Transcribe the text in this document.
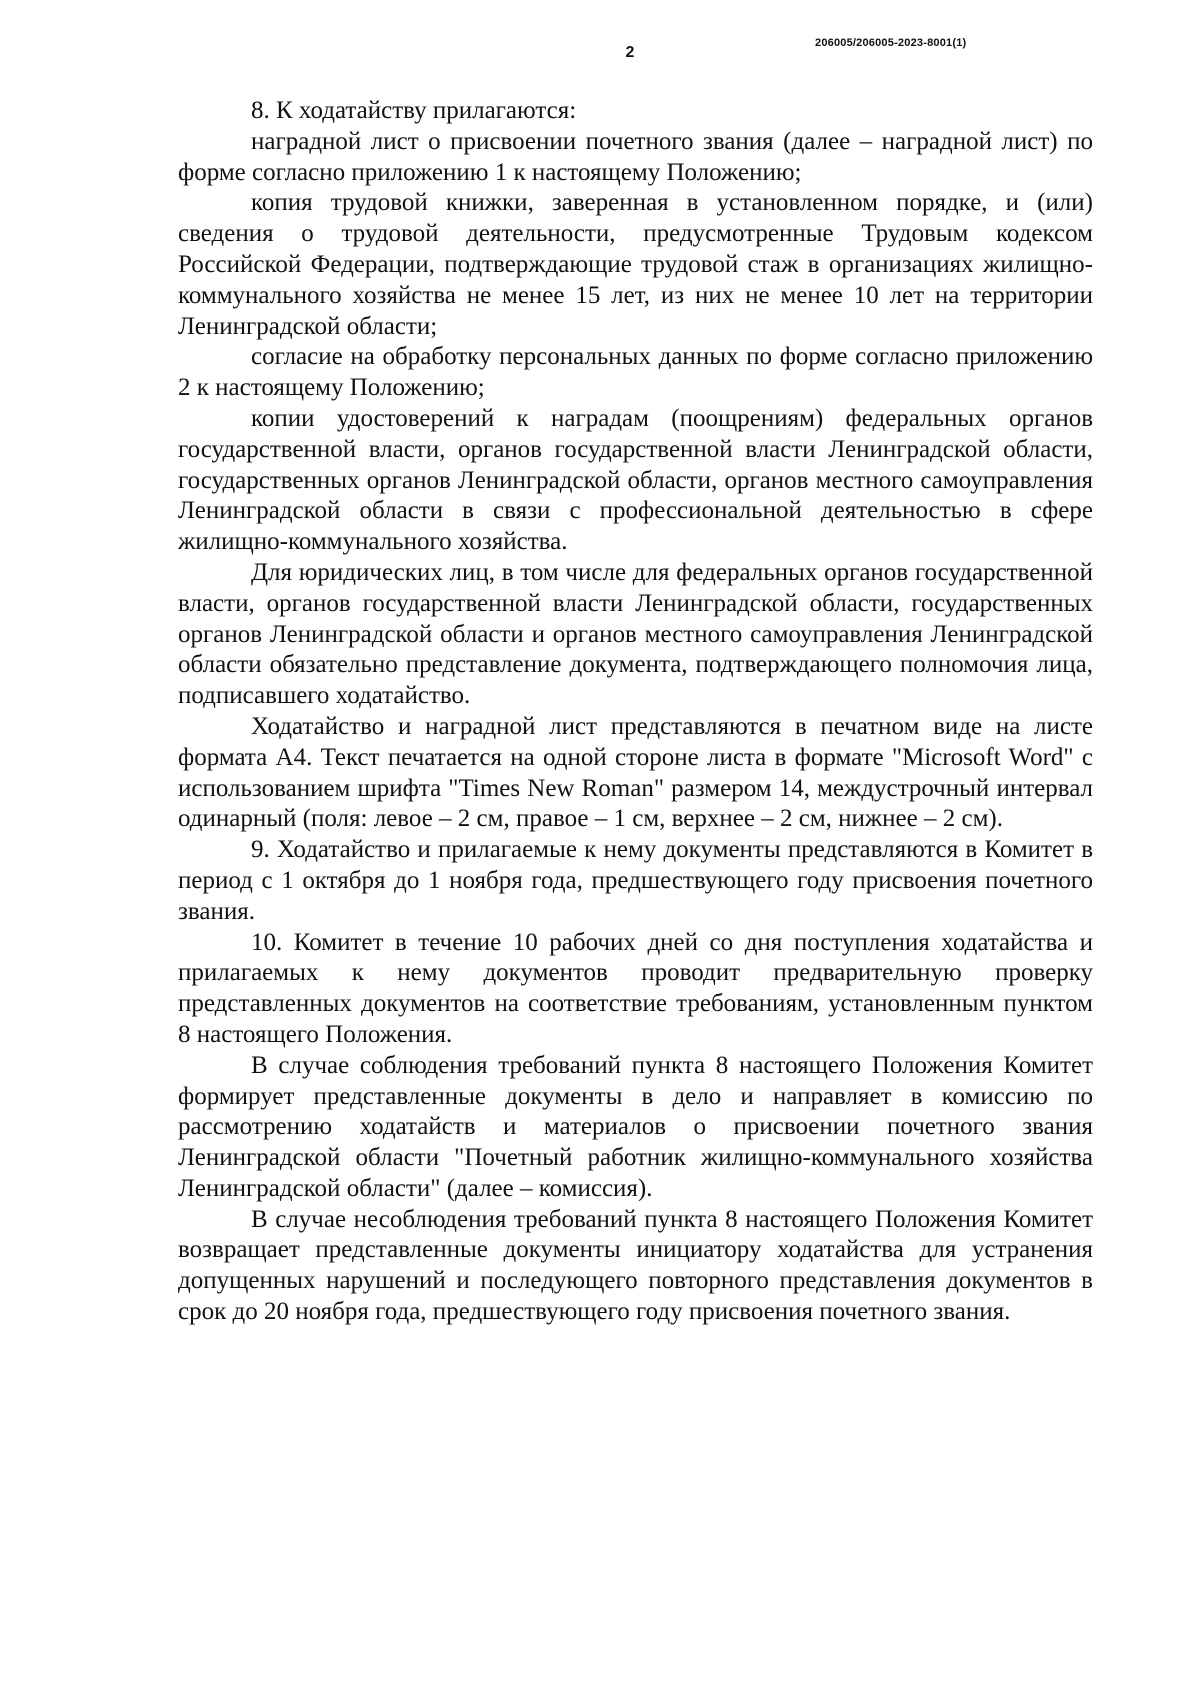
2
206005/206005-2023-8001(1)

8. К ходатайству прилагаются:

наградной лист о присвоении почетного звания (далее – наградной лист) по форме согласно приложению 1 к настоящему Положению;

копия трудовой книжки, заверенная в установленном порядке, и (или) сведения о трудовой деятельности, предусмотренные Трудовым кодексом Российской Федерации, подтверждающие трудовой стаж в организациях жилищно-коммунального хозяйства не менее 15 лет, из них не менее 10 лет на территории Ленинградской области;

согласие на обработку персональных данных по форме согласно приложению 2 к настоящему Положению;

копии удостоверений к наградам (поощрениям) федеральных органов государственной власти, органов государственной власти Ленинградской области, государственных органов Ленинградской области, органов местного самоуправления Ленинградской области в связи с профессиональной деятельностью в сфере жилищно-коммунального хозяйства.

Для юридических лиц, в том числе для федеральных органов государственной власти, органов государственной власти Ленинградской области, государственных органов Ленинградской области и органов местного самоуправления Ленинградской области обязательно представление документа, подтверждающего полномочия лица, подписавшего ходатайство.

Ходатайство и наградной лист представляются в печатном виде на листе формата А4. Текст печатается на одной стороне листа в формате "Microsoft Word" с использованием шрифта "Times New Roman" размером 14, междустрочный интервал одинарный (поля: левое – 2 см, правое – 1 см, верхнее – 2 см, нижнее – 2 см).

9. Ходатайство и прилагаемые к нему документы представляются в Комитет в период с 1 октября до 1 ноября года, предшествующего году присвоения почетного звания.

10. Комитет в течение 10 рабочих дней со дня поступления ходатайства и прилагаемых к нему документов проводит предварительную проверку представленных документов на соответствие требованиям, установленным пунктом 8 настоящего Положения.

В случае соблюдения требований пункта 8 настоящего Положения Комитет формирует представленные документы в дело и направляет в комиссию по рассмотрению ходатайств и материалов о присвоении почетного звания Ленинградской области "Почетный работник жилищно-коммунального хозяйства Ленинградской области" (далее – комиссия).

В случае несоблюдения требований пункта 8 настоящего Положения Комитет возвращает представленные документы инициатору ходатайства для устранения допущенных нарушений и последующего повторного представления документов в срок до 20 ноября года, предшествующего году присвоения почетного звания.
